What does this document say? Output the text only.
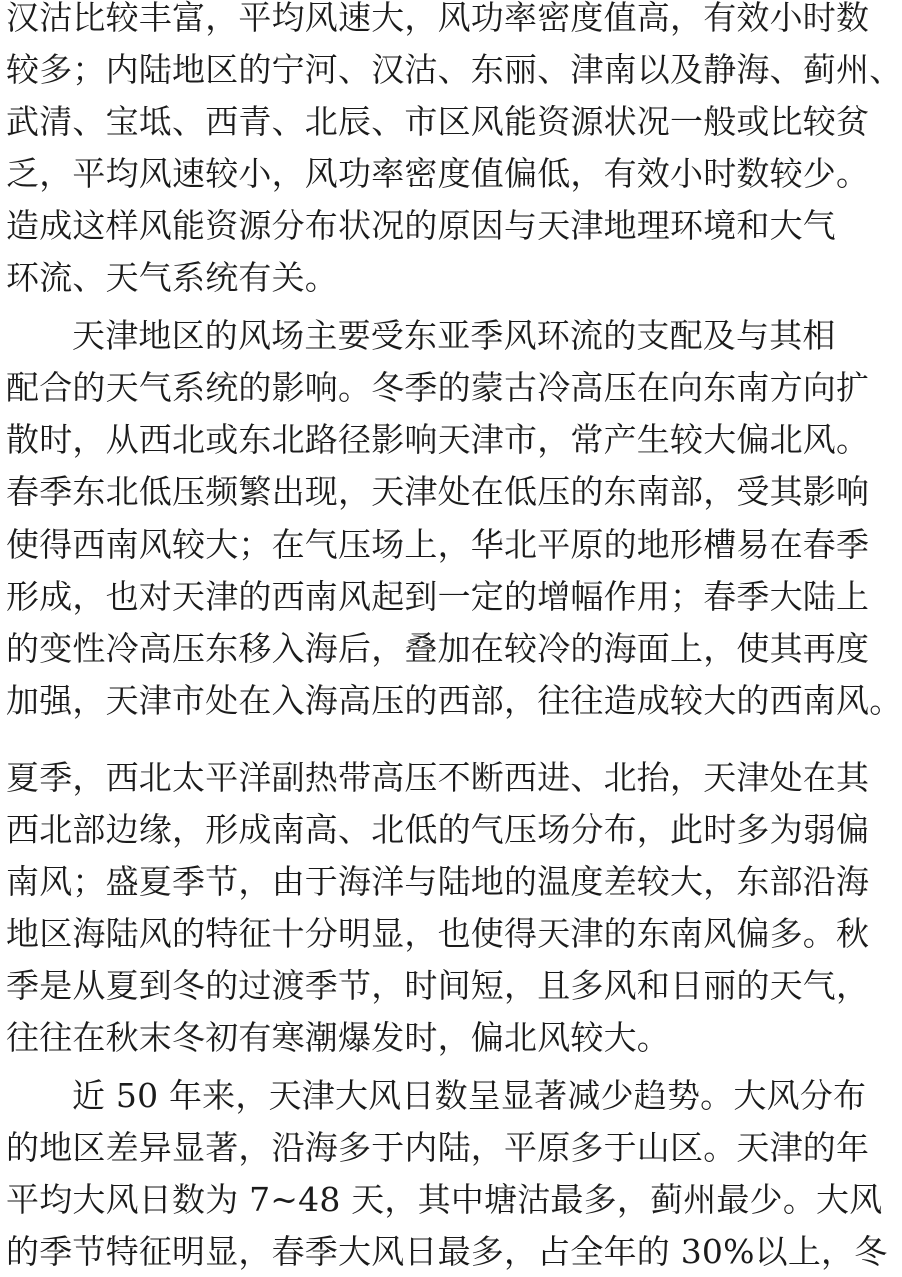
汉沽比较丰富，平均风速大，风功率密度值高，有效小时数
较多；内陆地区的宁河、汉沽、东丽、津南以及静海、蓟州、
武清、宝坻、西青、北辰、市区风能资源状况一般或比较贫
乏，平均风速较小，风功率密度值偏低，有效小时数较少。
造成这样风能资源分布状况的原因与天津地理环境和大气
环流、天气系统有关。
天津地区的风场主要受东亚季风环流的支配及与其相
配合的天气系统的影响。冬季的蒙古冷高压在向东南方向扩
散时，从西北或东北路径影响天津市，常产生较大偏北风。
春季东北低压频繁出现，天津处在低压的东南部，受其影响
使得西南风较大；在气压场上，华北平原的地形槽易在春季
形成，也对天津的西南风起到一定的增幅作用；春季大陆上
的变性冷高压东移入海后，叠加在较冷的海面上，使其再度
加强，天津市处在入海高压的西部，往往造成较大的西南风。
夏季，西北太平洋副热带高压不断西进、北抬，天津处在其
西北部边缘，形成南高、北低的气压场分布，此时多为弱偏
南风；盛夏季节，由于海洋与陆地的温度差较大，东部沿海
地区海陆风的特征十分明显，也使得天津的东南风偏多。秋
季是从夏到冬的过渡季节，时间短，且多风和日丽的天气，
往往在秋末冬初有寒潮爆发时，偏北风较大。
近 50 年来，天津大风日数呈显著减少趋势。大风分布
的地区差异显著，沿海多于内陆，平原多于山区。天津的年
平均大风日数为 7~48 天，其中塘沽最多，蓟州最少。大风
的季节特征明显，春季大风日最多，占全年的 30%以上，冬
